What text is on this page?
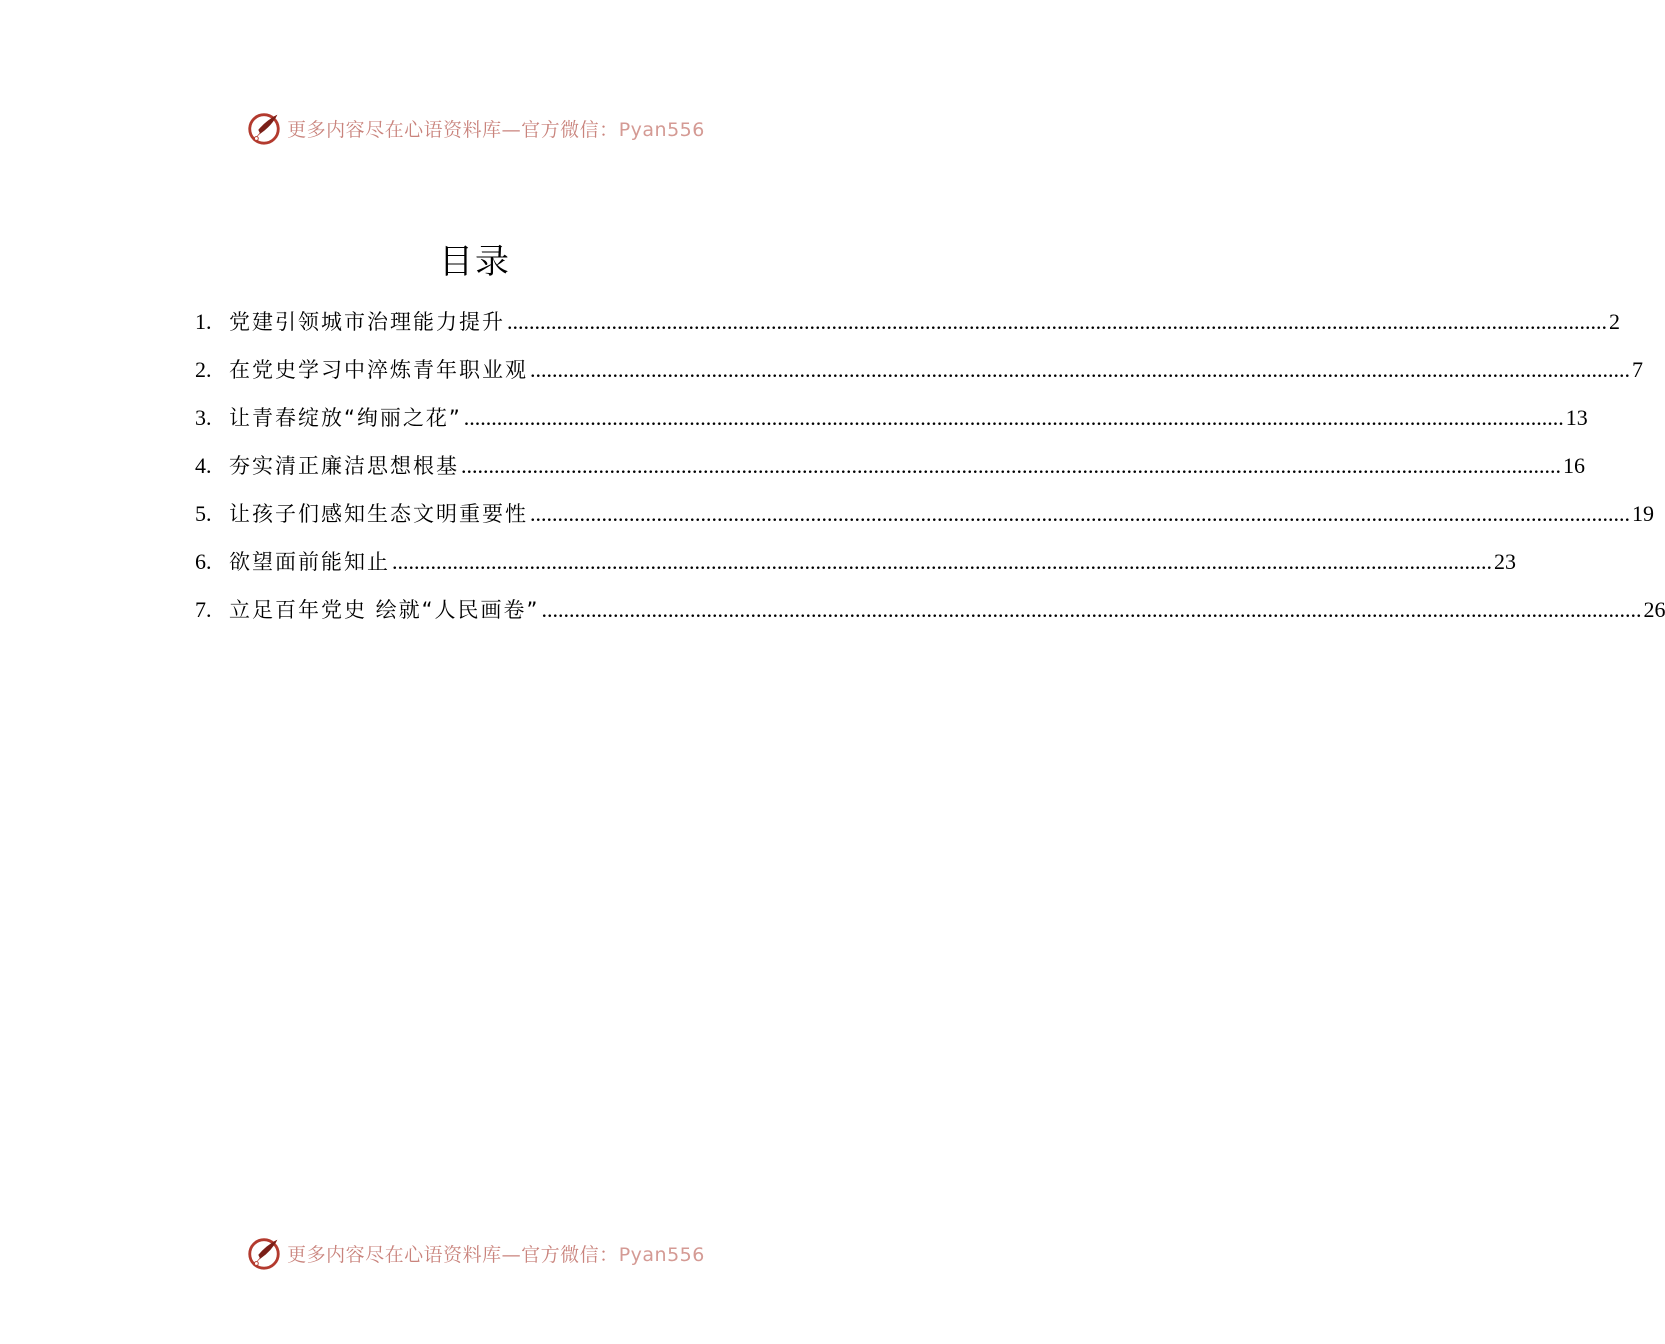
更多内容尽在心语资料库—官方微信：Pyan556
目录
1. 党建引领城市治理能力提升 ........................................................................................................................................................................................................ 2
2. 在党史学习中淬炼青年职业观 ........................................................................................................................................................................................................ 7
3. 让青春绽放“绚丽之花” ........................................................................................................................................................................................................ 13
4. 夯实清正廉洁思想根基 ........................................................................................................................................................................................................ 16
5. 让孩子们感知生态文明重要性 ........................................................................................................................................................................................................ 19
6. 欲望面前能知止 ........................................................................................................................................................................................................ 23
7. 立足百年党史 绘就“人民画卷” ........................................................................................................................................................................................................ 26
更多内容尽在心语资料库—官方微信：Pyan556
